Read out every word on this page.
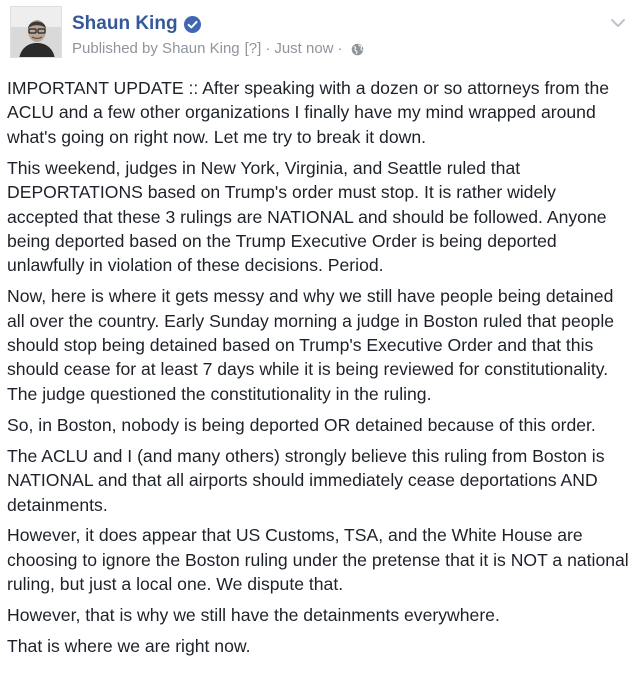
Shaun King
Published by Shaun King [?] · Just now ·

IMPORTANT UPDATE :: After speaking with a dozen or so attorneys from the ACLU and a few other organizations I finally have my mind wrapped around what's going on right now. Let me try to break it down.

This weekend, judges in New York, Virginia, and Seattle ruled that DEPORTATIONS based on Trump's order must stop. It is rather widely accepted that these 3 rulings are NATIONAL and should be followed. Anyone being deported based on the Trump Executive Order is being deported unlawfully in violation of these decisions. Period.

Now, here is where it gets messy and why we still have people being detained all over the country. Early Sunday morning a judge in Boston ruled that people should stop being detained based on Trump's Executive Order and that this should cease for at least 7 days while it is being reviewed for constitutionality. The judge questioned the constitutionality in the ruling.

So, in Boston, nobody is being deported OR detained because of this order.

The ACLU and I (and many others) strongly believe this ruling from Boston is NATIONAL and that all airports should immediately cease deportations AND detainments.

However, it does appear that US Customs, TSA, and the White House are choosing to ignore the Boston ruling under the pretense that it is NOT a national ruling, but just a local one. We dispute that.

However, that is why we still have the detainments everywhere.

That is where we are right now.
